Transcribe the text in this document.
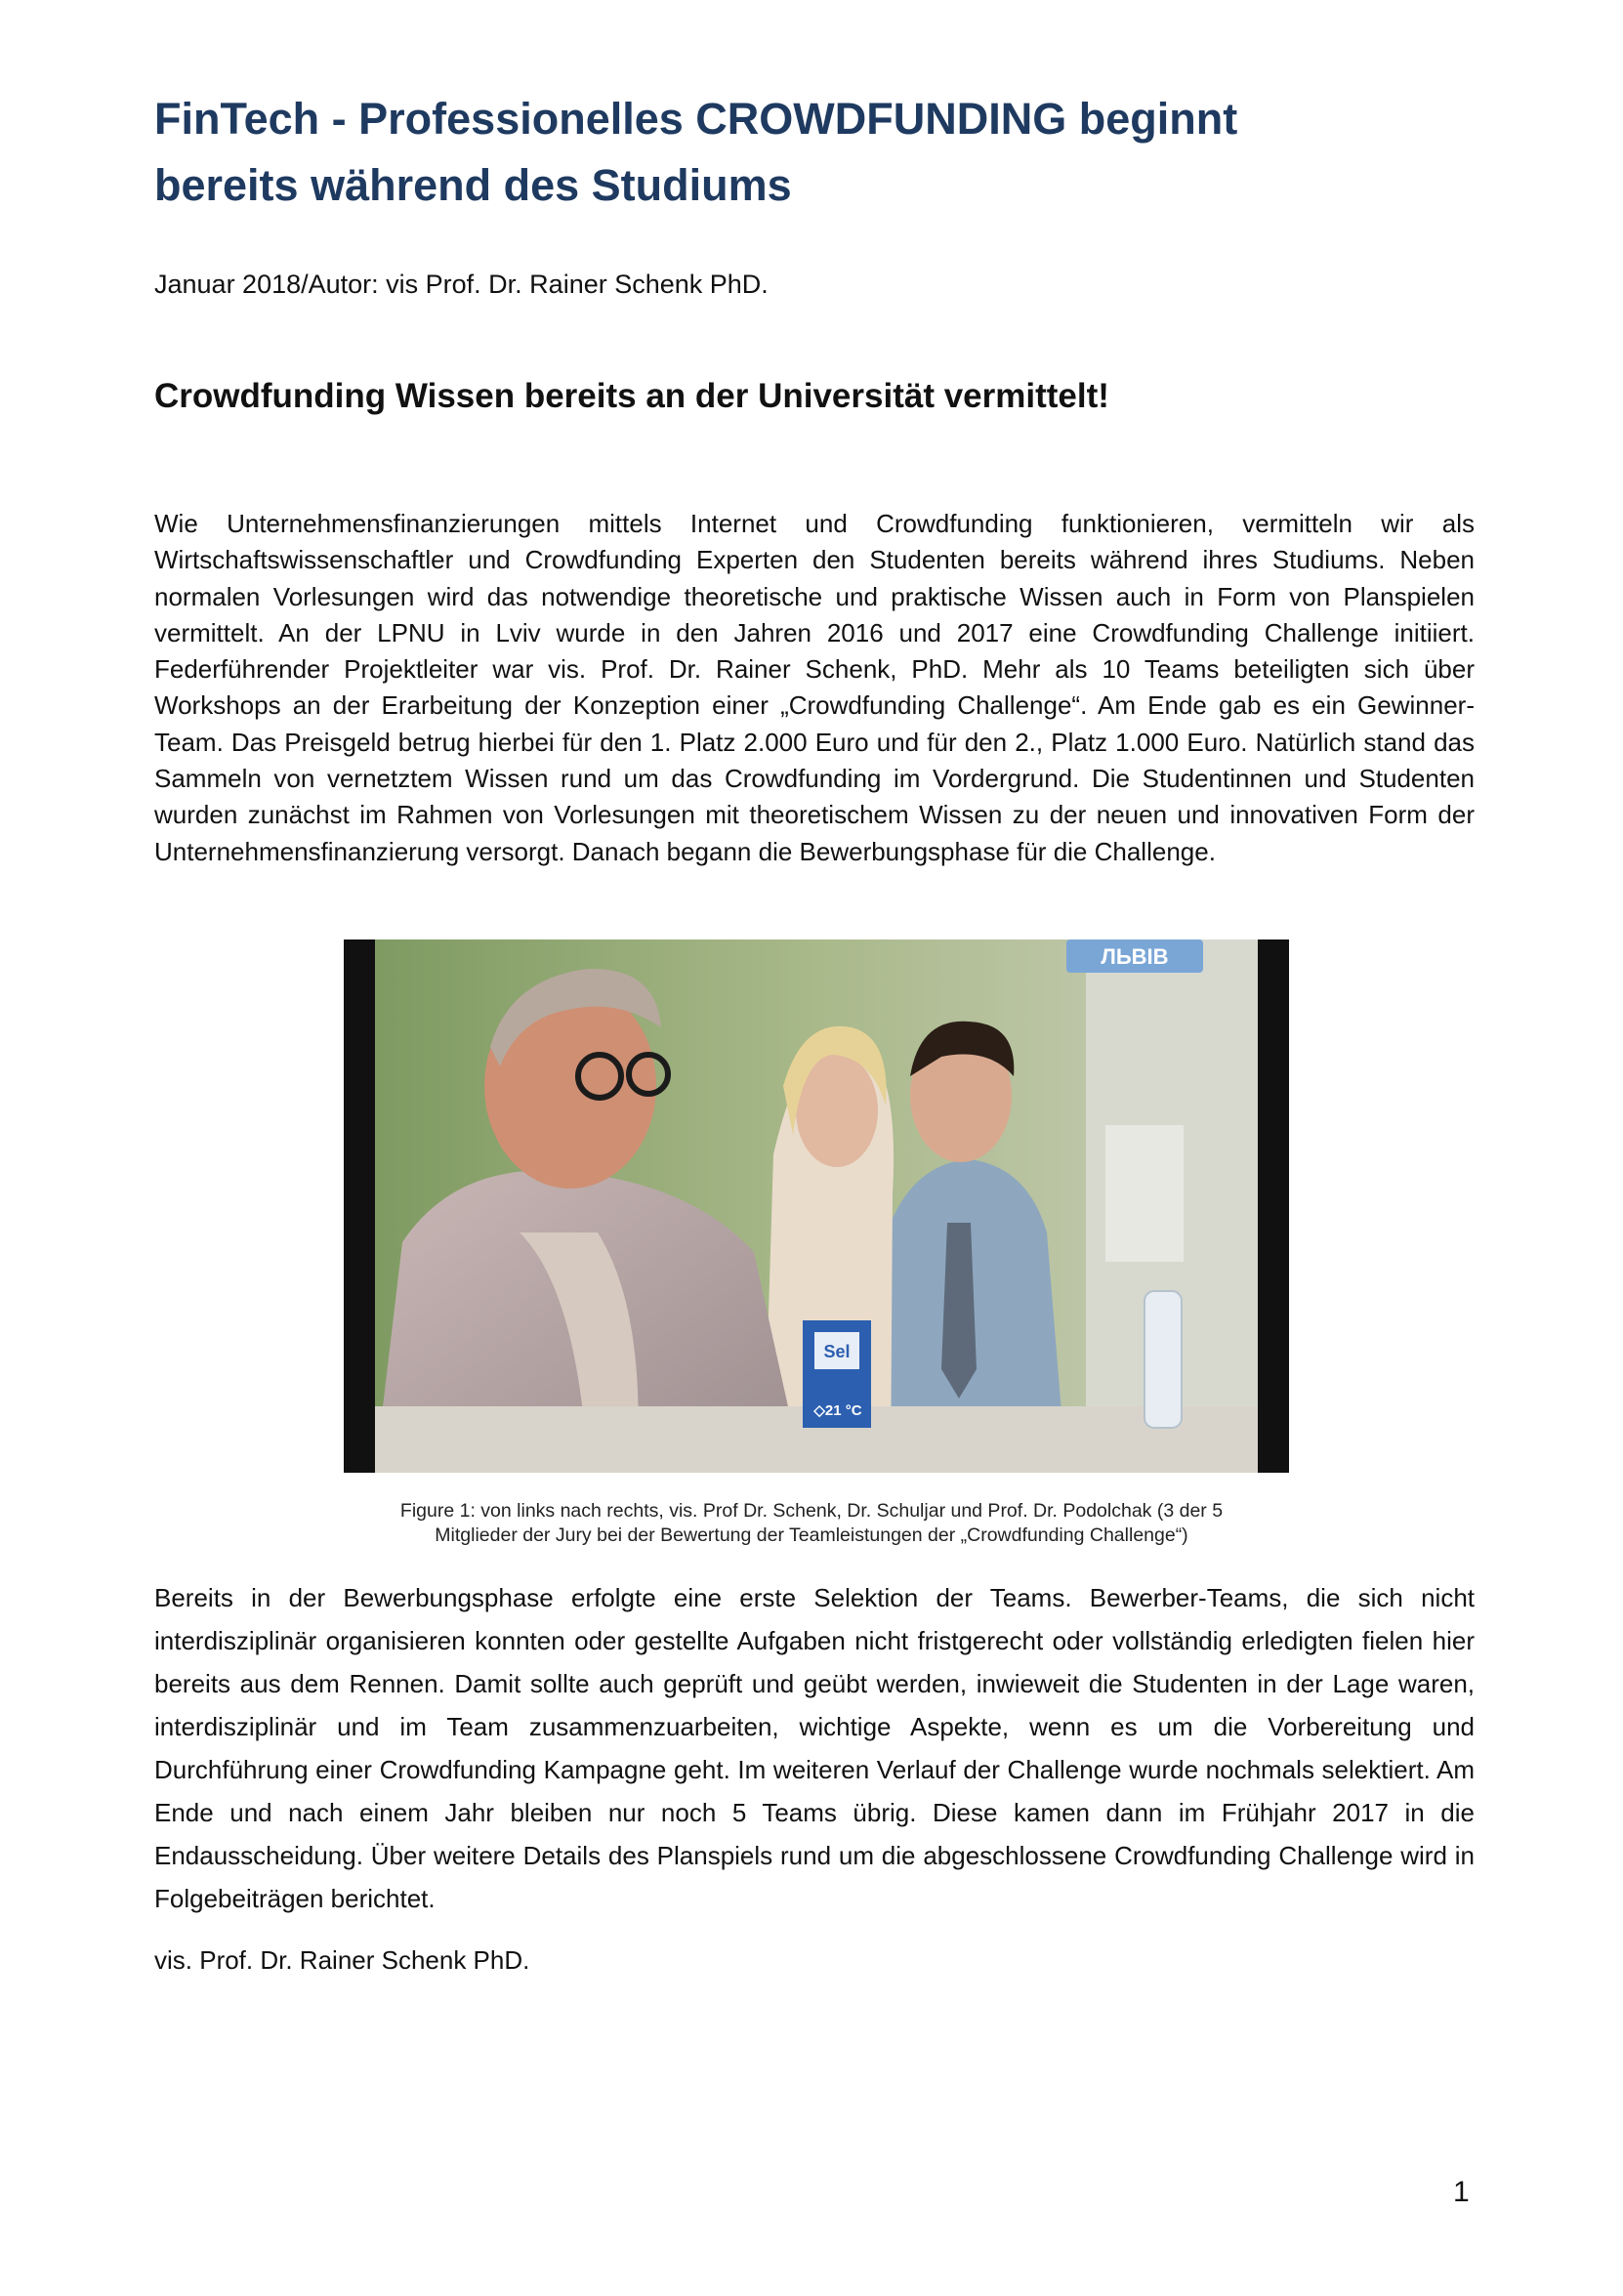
FinTech - Professionelles CROWDFUNDING beginnt
bereits während des Studiums

Januar 2018/Autor: vis Prof. Dr. Rainer Schenk PhD.

Crowdfunding Wissen bereits an der Universität vermittelt!

Wie Unternehmensfinanzierungen mittels Internet und Crowdfunding funktionieren, vermitteln wir als Wirtschaftswissenschaftler und Crowdfunding Experten den Studenten bereits während ihres Studiums. Neben normalen Vorlesungen wird das notwendige theoretische und praktische Wissen auch in Form von Planspielen vermittelt. An der LPNU in Lviv wurde in den Jahren 2016 und 2017 eine Crowdfunding Challenge initiiert. Federführender Projektleiter war vis. Prof. Dr. Rainer Schenk, PhD. Mehr als 10 Teams beteiligten sich über Workshops an der Erarbeitung der Konzeption einer „Crowdfunding Challenge“. Am Ende gab es ein Gewinner-Team. Das Preisgeld betrug hierbei für den 1. Platz 2.000 Euro und für den 2., Platz 1.000 Euro. Natürlich stand das Sammeln von vernetztem Wissen rund um das Crowdfunding im Vordergrund. Die Studentinnen und Studenten wurden zunächst im Rahmen von Vorlesungen mit theoretischem Wissen zu der neuen und innovativen Form der Unternehmensfinanzierung versorgt. Danach begann die Bewerbungsphase für die Challenge.

ЛЬВІВ
Sel
◇21 °C

Figure 1: von links nach rechts, vis. Prof Dr. Schenk, Dr. Schuljar und Prof. Dr. Podolchak (3 der 5
Mitglieder der Jury bei der Bewertung der Teamleistungen der „Crowdfunding Challenge“)

Bereits in der Bewerbungsphase erfolgte eine erste Selektion der Teams. Bewerber-Teams, die sich nicht interdisziplinär organisieren konnten oder gestellte Aufgaben nicht fristgerecht oder vollständig erledigten fielen hier bereits aus dem Rennen. Damit sollte auch geprüft und geübt werden, inwieweit die Studenten in der Lage waren, interdisziplinär und im Team zusammenzuarbeiten, wichtige Aspekte, wenn es um die Vorbereitung und Durchführung einer Crowdfunding Kampagne geht. Im weiteren Verlauf der Challenge wurde nochmals selektiert. Am Ende und nach einem Jahr bleiben nur noch 5 Teams übrig. Diese kamen dann im Frühjahr 2017 in die Endausscheidung. Über weitere Details des Planspiels rund um die abgeschlossene Crowdfunding Challenge wird in Folgebeiträgen berichtet.

vis. Prof. Dr. Rainer Schenk PhD.

1
